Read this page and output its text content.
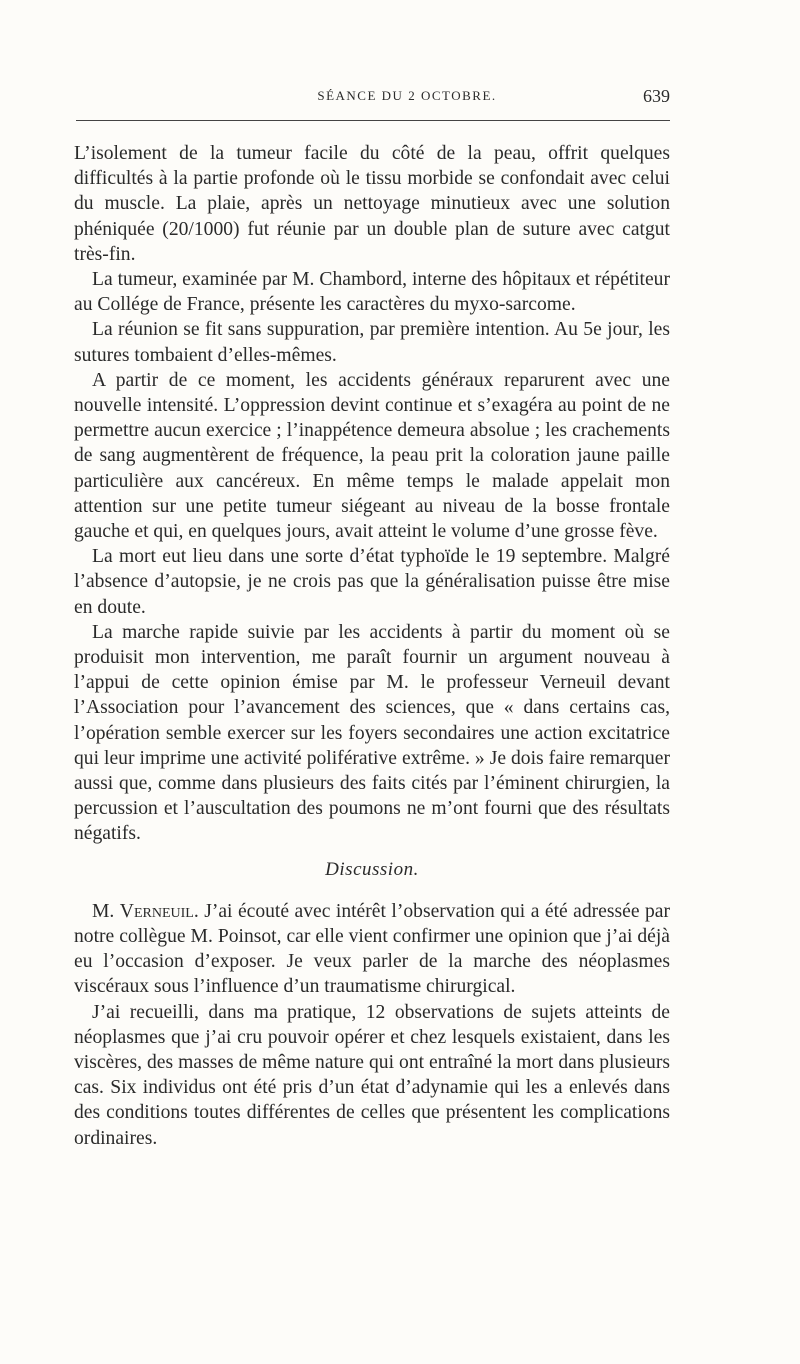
SÉANCE DU 2 OCTOBRE.	639

L’isolement de la tumeur facile du côté de la peau, offrit quelques difficultés à la partie profonde où le tissu morbide se confondait avec celui du muscle. La plaie, après un nettoyage minutieux avec une solution phéniquée (20/1000) fut réunie par un double plan de suture avec catgut très-fin.

La tumeur, examinée par M. Chambord, interne des hôpitaux et répétiteur au Collége de France, présente les caractères du myxo-sarcome.

La réunion se fit sans suppuration, par première intention. Au 5e jour, les sutures tombaient d’elles-mêmes.

A partir de ce moment, les accidents généraux reparurent avec une nouvelle intensité. L’oppression devint continue et s’exagéra au point de ne permettre aucun exercice ; l’inappétence demeura absolue ; les crachements de sang augmentèrent de fréquence, la peau prit la coloration jaune paille particulière aux cancéreux. En même temps le malade appelait mon attention sur une petite tumeur siégeant au niveau de la bosse frontale gauche et qui, en quelques jours, avait atteint le volume d’une grosse fève.

La mort eut lieu dans une sorte d’état typhoïde le 19 septembre. Malgré l’absence d’autopsie, je ne crois pas que la généralisation puisse être mise en doute.

La marche rapide suivie par les accidents à partir du moment où se produisit mon intervention, me paraît fournir un argument nouveau à l’appui de cette opinion émise par M. le professeur Verneuil devant l’Association pour l’avancement des sciences, que « dans certains cas, l’opération semble exercer sur les foyers secondaires une action excitatrice qui leur imprime une activité poliférative extrême. » Je dois faire remarquer aussi que, comme dans plusieurs des faits cités par l’éminent chirurgien, la percussion et l’auscultation des poumons ne m’ont fourni que des résultats négatifs.

Discussion.

M. Verneuil. J’ai écouté avec intérêt l’observation qui a été adressée par notre collègue M. Poinsot, car elle vient confirmer une opinion que j’ai déjà eu l’occasion d’exposer. Je veux parler de la marche des néoplasmes viscéraux sous l’influence d’un traumatisme chirurgical.

J’ai recueilli, dans ma pratique, 12 observations de sujets atteints de néoplasmes que j’ai cru pouvoir opérer et chez lesquels existaient, dans les viscères, des masses de même nature qui ont entraîné la mort dans plusieurs cas. Six individus ont été pris d’un état d’adynamie qui les a enlevés dans des conditions toutes différentes de celles que présentent les complications ordinaires.
